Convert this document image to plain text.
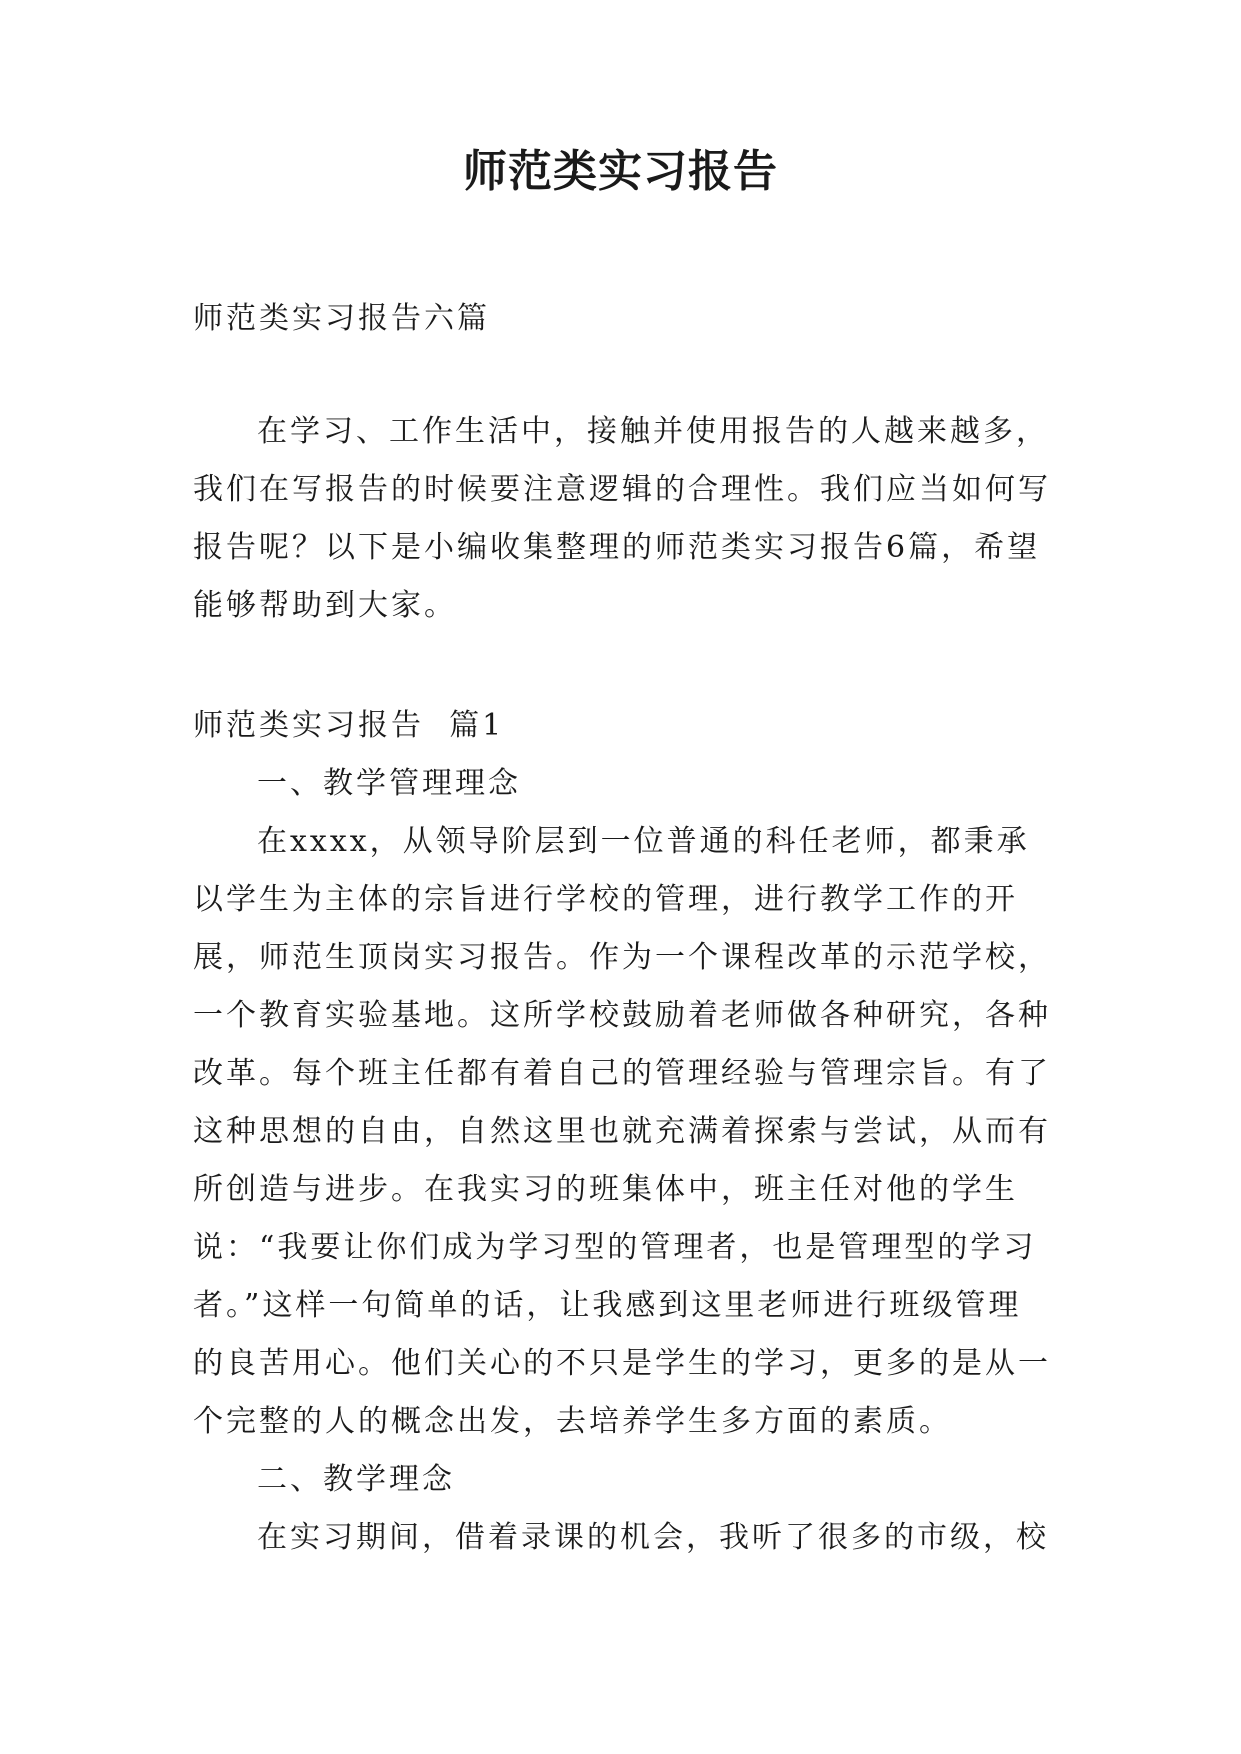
师范类实习报告

师范类实习报告六篇

在学习、工作生活中，接触并使用报告的人越来越多，我们在写报告的时候要注意逻辑的合理性。我们应当如何写报告呢？以下是小编收集整理的师范类实习报告6篇，希望能够帮助到大家。

师范类实习报告  篇1

一、教学管理理念

在xxxx，从领导阶层到一位普通的科任老师，都秉承以学生为主体的宗旨进行学校的管理，进行教学工作的开展，师范生顶岗实习报告。作为一个课程改革的示范学校，一个教育实验基地。这所学校鼓励着老师做各种研究，各种改革。每个班主任都有着自己的管理经验与管理宗旨。有了这种思想的自由，自然这里也就充满着探索与尝试，从而有所创造与进步。在我实习的班集体中，班主任对他的学生说：“我要让你们成为学习型的管理者，也是管理型的学习者。”这样一句简单的话，让我感到这里老师进行班级管理的良苦用心。他们关心的不只是学生的学习，更多的是从一个完整的人的概念出发，去培养学生多方面的素质。

二、教学理念

在实习期间，借着录课的机会，我听了很多的市级，校
